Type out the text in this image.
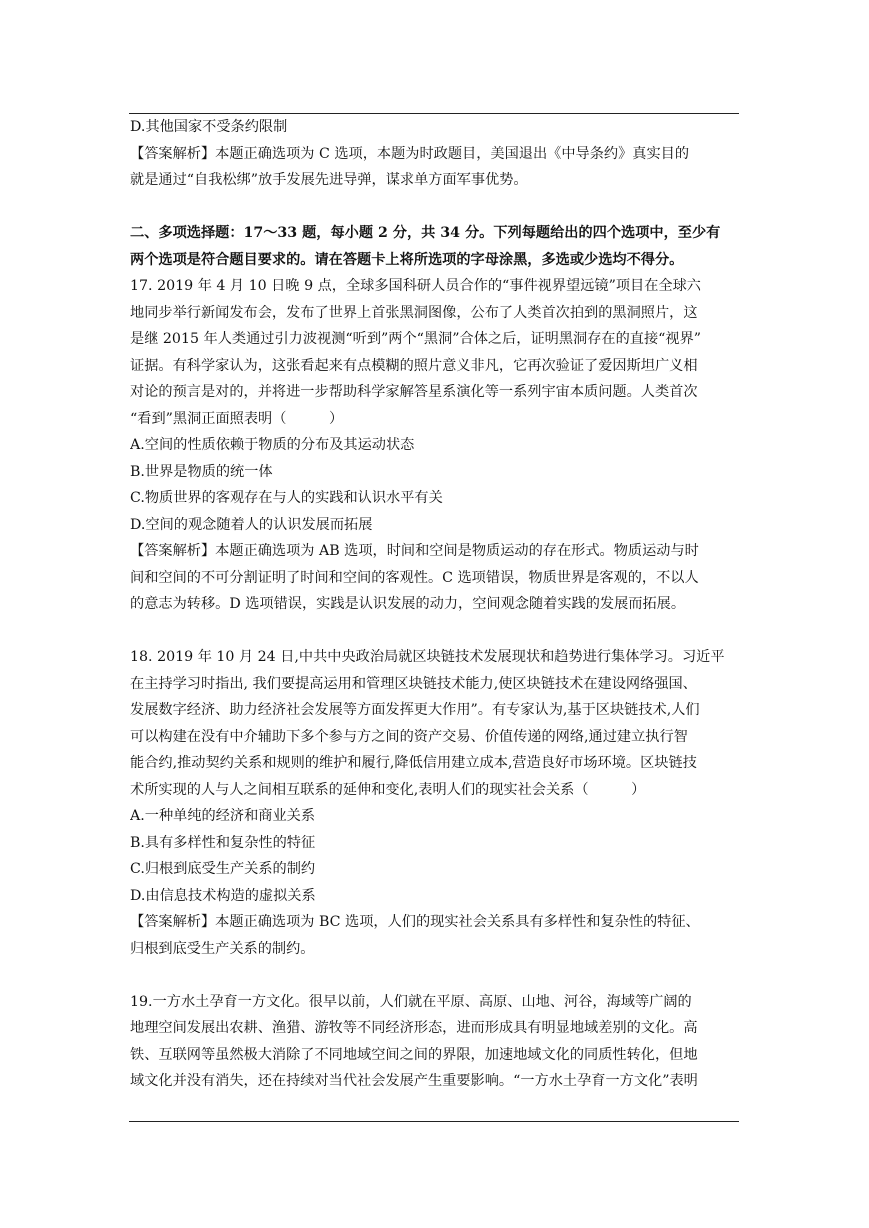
D.其他国家不受条约限制

【答案解析】本题正确选项为 C 选项，本题为时政题目，美国退出《中导条约》真实目的
就是通过“自我松绑”放手发展先进导弹，谋求单方面军事优势。

二、多项选择题：17～33 题，每小题 2 分，共 34 分。下列每题给出的四个选项中，至少有
两个选项是符合题目要求的。请在答题卡上将所选项的字母涂黑，多选或少选均不得分。

17. 2019 年 4 月 10 日晚 9 点，全球多国科研人员合作的“事件视界望远镜”项目在全球六
地同步举行新闻发布会，发布了世界上首张黑洞图像，公布了人类首次拍到的黑洞照片，这
是继 2015 年人类通过引力波视测“听到”两个“黑洞”合体之后，证明黑洞存在的直接“视界”
证据。有科学家认为，这张看起来有点模糊的照片意义非凡，它再次验证了爱因斯坦广义相
对论的预言是对的，并将进一步帮助科学家解答星系演化等一系列宇宙本质问题。人类首次
“看到”黑洞正面照表明（　　　）

A.空间的性质依赖于物质的分布及其运动状态

B.世界是物质的统一体

C.物质世界的客观存在与人的实践和认识水平有关

D.空间的观念随着人的认识发展而拓展

【答案解析】本题正确选项为 AB 选项，时间和空间是物质运动的存在形式。物质运动与时
间和空间的不可分割证明了时间和空间的客观性。C 选项错误，物质世界是客观的，不以人
的意志为转移。D 选项错误，实践是认识发展的动力，空间观念随着实践的发展而拓展。

18. 2019 年 10 月 24 日,中共中央政治局就区块链技术发展现状和趋势进行集体学习。习近平
在主持学习时指出, 我们要提高运用和管理区块链技术能力,使区块链技术在建设网络强国、
发展数字经济、助力经济社会发展等方面发挥更大作用”。有专家认为,基于区块链技术,人们
可以构建在没有中介辅助下多个参与方之间的资产交易、价值传递的网络,通过建立执行智
能合约,推动契约关系和规则的维护和履行,降低信用建立成本,营造良好市场环境。区块链技
术所实现的人与人之间相互联系的延伸和变化,表明人们的现实社会关系（　　　）

A.一种单纯的经济和商业关系

B.具有多样性和复杂性的特征

C.归根到底受生产关系的制约

D.由信息技术构造的虚拟关系

【答案解析】本题正确选项为 BC 选项，人们的现实社会关系具有多样性和复杂性的特征、
归根到底受生产关系的制约。

19.一方水土孕育一方文化。很早以前，人们就在平原、高原、山地、河谷，海域等广阔的
地理空间发展出农耕、渔猎、游牧等不同经济形态，进而形成具有明显地域差别的文化。高
铁、互联网等虽然极大消除了不同地域空间之间的界限，加速地域文化的同质性转化，但地
域文化并没有消失，还在持续对当代社会发展产生重要影响。“一方水土孕育一方文化”表明
